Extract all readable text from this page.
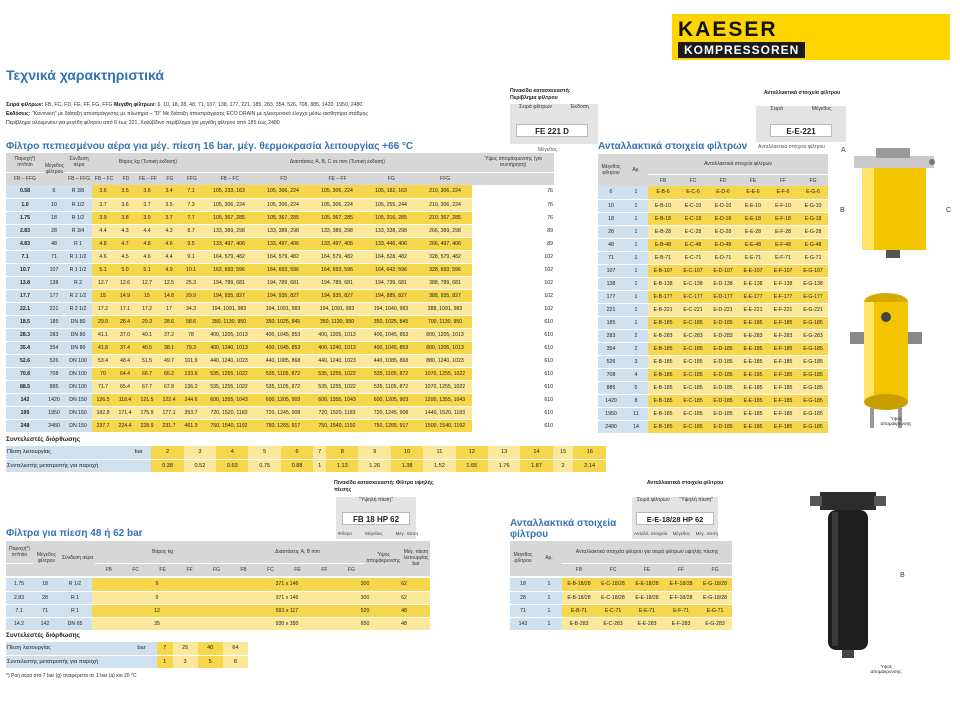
KAESER
KOMPRESSOREN
Τεχνικά χαρακτηριστικά
Σειρά φίλτρων: FB, FC, FD, FE, FF, FG, FFG Μεγέθη φίλτρων: 6, 10, 18, 28, 48, 71, 107, 138, 177, 221, 185, 283, 354, 526, 708, 885, 1420, 1950, 2480
Εκδόσεις: "Κανονική" με διάταξη αποστράγγισης με πλωτήρα – "D" Με διάταξη αποστράγγισης ECO DRAIN με ηλεκτρονικό έλεγχο μέσω αισθητήρα στάθμης
Περίβλημα αλουμινίου για μεγέθη φίλτρου από 6 έως 221, Χαλύβδινο περίβλημα για μεγέθη φίλτρου από 185 έως 2480
Φίλτρο πεπιεσμένου αέρα για μέγ. πίεση 16 bar, μέγ. θερμοκρασία λειτουργίας +66 °C
Παροχή*)
m³/min	Μέγεθος φίλτρου	Σύνδεση αέρα	Βάρος kg (Τυπική έκδοση)					Διαστάσεις A, B, C σε mm (Τυπική έκδοση)					Ύψος απομάκρυνσης (για συντήρηση)
FB – FFG		FB – FFG	FB – FC	FD	FE – FF	FG	FFG	FB – FC	FD	FE – FF	FG	FFG	
0.58	6	R 3/8	3.6	3.5	3.6	3.4	7.1	105, 233, 163	105, 306, 224	105, 306, 224	105, 182, 163	210, 306, 224	76
1.0	10	R 1/2	3.7	3.6	3.7	3.5	7.3	105, 306, 224	105, 306, 224	105, 306, 224	105, 255, 244	210, 306, 224	76
1.75	18	R 1/2	3.9	3.8	3.9	3.7	7.7	105, 367, 285	105, 367, 285	105, 367, 285	105, 316, 285	210, 367, 285	76
2.83	28	R 3/4	4.4	4.3	4.4	4.2	8.7	133, 389, 298	133, 389, 298	133, 389, 298	133, 338, 298	266, 389, 298	89
4.83	48	R 1	4.8	4.7	4.8	4.6	9.5	133, 497, 406	133, 497, 406	133, 497, 406	133, 446, 406	266, 497, 406	89
7.1	71	R 1 1/2	4.6	4.5	4.6	4.4	9.1	164, 579, 482	164, 579, 482	164, 579, 482	164, 528, 482	328, 579, 482	102
10.7	107	R 1 1/2	5.1	5.0	5.1	4.9	10.1	162, 693, 596	164, 693, 596	164, 693, 596	164, 642, 596	328, 693, 596	102
13.8	138	R 2	12.7	12.6	12.7	12.5	25.3	194, 789, 681	194, 789, 681	194, 789, 681	194, 739, 681	388, 789, 681	102
17.7	177	R 2 1/2	15	14.9	15	14.8	29.9	194, 935, 827	194, 935, 827	194, 935, 827	194, 885, 827	388, 935, 827	102
22.1	221	R 2 1/2	17.2	17.1	17.2	17	34.3	194, 1091, 983	194, 1091, 983	194, 1091, 983	194, 1040, 983	388, 1091, 983	102
18.5	185	DN 80	29.9	28.4	29.3	28.6	58.6	350, 1130, 950	350, 1025, 845	350, 1130, 950	350, 1025, 845	700, 1130, 950	610
28.3	283	DN 80	41.1	37.0	40.1	37.2	78	400, 1205, 1013	400, 1045, 853	400, 1205, 1013	400, 1045, 853	800, 1205, 1013	610
35.4	354	DN 80	41.8	37.4	40.5	38.1	79.3	400, 1240, 1013	400, 1045, 853	400, 1240, 1013	400, 1045, 853	800, 1205, 1013	610
52.6	526	DN 100	53.4	48.4	51.5	49.7	101.9	440, 1240, 1023	440, 1085, 868	440, 1240, 1023	440, 1085, 868	880, 1240, 1023	610
70.8	708	DN 100	70	64.4	66.7	66.2	133.6	535, 1255, 1022	535, 1105, 872	535, 1255, 1022	535, 1105, 872	1070, 1255, 1022	610
88.5	885	DN 100	71.7	65.4	67.7	67.8	136.2	535, 1255, 1022	535, 1105, 872	535, 1255, 1022	535, 1105, 872	1070, 1255, 1022	610
142	1420	DN 150	126.5	118.4	121.5	122.4	244.6	600, 1355, 1043	600, 1205, 903	600, 1355, 1043	600, 1205, 903	1200, 1355, 1043	610
195	1950	DN 150	182.8	171.4	175.9	177.1	353.7	720, 1520, 1183	720, 1245, 908	720, 1520, 1183	720, 1245, 908	1440, 1520, 1183	610
248	2480	DN 150	237.7	224.4	228.9	231.7	461.3	750, 1540, 1192	750, 1265, 917	750, 1540, 1192	750, 1265, 917	1500, 1540, 1192	610
Συντελεστές διόρθωσης
Πίεση λειτουργίας	bar	2	3	4	5	6	7	8	9	10	11	12	13	14	15	16
Συντελεστής μετατροπής για παροχή		0.38	0.52	0.63	0.75	0.88	1	1.13	1.26	1.38	1.52	1.65	1.76	1.87	2	2.14
Πινακίδα κατασκευαστή: Περίβλημα φίλτρου
Σειρά φίλτρων	Έκδοση
FE 221 D
Μέγεθος
Ανταλλακτικά στοιχεία φίλτρου
Σειρά	Μέγεθος
E-E-221
Ανταλλακτικά στοιχεία φίλτρου
Ανταλλακτικά στοιχεία φίλτρων
Μέγεθος φίλτρου	Αρ.	Ανταλλακτικά στοιχεία φίλτρων					
		FB	FC	FD	FE	FF	FG
6	1	E-B-6	E-C-6	E-D-6	E-E-6	E-F-6	E-G-6
10	1	E-B-10	E-C-10	E-D-10	E-E-10	E-F-10	E-G-10
18	1	E-B-18	E-C-18	E-D-18	E-E-18	E-F-18	E-G-18
28	1	E-B-28	E-C-28	E-D-28	E-E-28	E-F-28	E-G-28
48	1	E-B-48	E-C-48	E-D-48	E-E-48	E-F-48	E-G-48
71	1	E-B-71	E-C-71	E-D-71	E-E-71	E-F-71	E-G-71
107	1	E-B-107	E-C-107	E-D-107	E-E-107	E-F-107	E-G-107
138	1	E-B-138	E-C-138	E-D-138	E-E-138	E-F-138	E-G-138
177	1	E-B-177	E-C-177	E-D-177	E-E-177	E-F-177	E-G-177
221	1	E-B-221	E-C-221	E-D-221	E-E-221	E-F-221	E-G-221
185	1	E-B-185	E-C-185	E-D-185	E-E-185	E-F-185	E-G-185
283	2	E-B-283	E-C-283	E-D-283	E-E-283	E-F-283	E-G-283
354	2	E-B-185	E-C-185	E-D-185	E-E-185	E-F-185	E-G-185
526	3	E-B-185	E-C-185	E-D-185	E-E-185	E-F-185	E-G-185
708	4	E-B-185	E-C-185	E-D-185	E-E-185	E-F-185	E-G-185
885	5	E-B-185	E-C-185	E-D-185	E-E-185	E-F-185	E-G-185
1420	8	E-B-185	E-C-185	E-D-185	E-E-185	E-F-185	E-G-185
1950	11	E-B-185	E-C-185	E-D-185	E-E-185	E-F-185	E-G-185
2480	14	E-B-185	E-C-185	E-D-185	E-E-185	E-F-185	E-G-185
A
B	C
Ύψος απομάκρυνσης
Πινακίδα κατασκευαστή: Φίλτρα υψηλής πίεσης
"Υψηλή πίεση"
FB 18 HP 62
Φίλτρο	Μέγεθος	Μέγ. πίεση
Φίλτρα για πίεση 48 ή 62 bar
Παροχή*)
m³/min	Μέγεθος φίλτρου	Σύνδεση αέρα	Βάρος kg					Διαστάσεις A, B mm					Ύψος απομάκρυνσης	Μέγ. πίεση λειτουργίας bar
			FB	FC	FE	FF	FG	FB	FC	FE	FF	FG		
1.75	18	R 1/2	9	371 x 146	300	62
2.83	28	R 1	9	371 x 146	300	62
7.1	71	R 1	12	591 x 117	520	48
14.2	142	DN 65	35	930 x 350	650	48
Συντελεστές διόρθωσης
Πίεση λειτουργίας	bar	7	25	40	64
Συντελεστής μετατροπής για παροχή		1	3	5	8
*) Ροή αέρα στα 7 bar (g) αναφέρεται σε 1 bar (a) και 20 °C
Ανταλλακτικά στοιχεία φίλτρου
Σειρά φίλτρων "Υψηλή πίεση"
E-E-18/28 HP 62
Ανταλλ. στοιχεία Μέγεθος Μέγ. πίεση
Ανταλλακτικά στοιχεία φίλτρου
Μέγεθος φίλτρου	Αρ.	Ανταλλακτικά στοιχεία φίλτρου για σειρά φίλτρων υψηλής πίεσης				
		FB	FC	FE	FF	FG
18	1	E-B-18/28	E-C-18/28	E-E-18/28	E-F-18/28	E-G-18/28
28	1	E-B-18/28	E-C-18/28	E-E-18/28	E-F-18/28	E-G-18/28
71	1	E-B-71	E-C-71	E-E-71	E-F-71	E-G-71
142	1	E-B-283	E-C-283	E-E-283	E-F-283	E-G-283
B
Ύψος απομάκρυνσης
